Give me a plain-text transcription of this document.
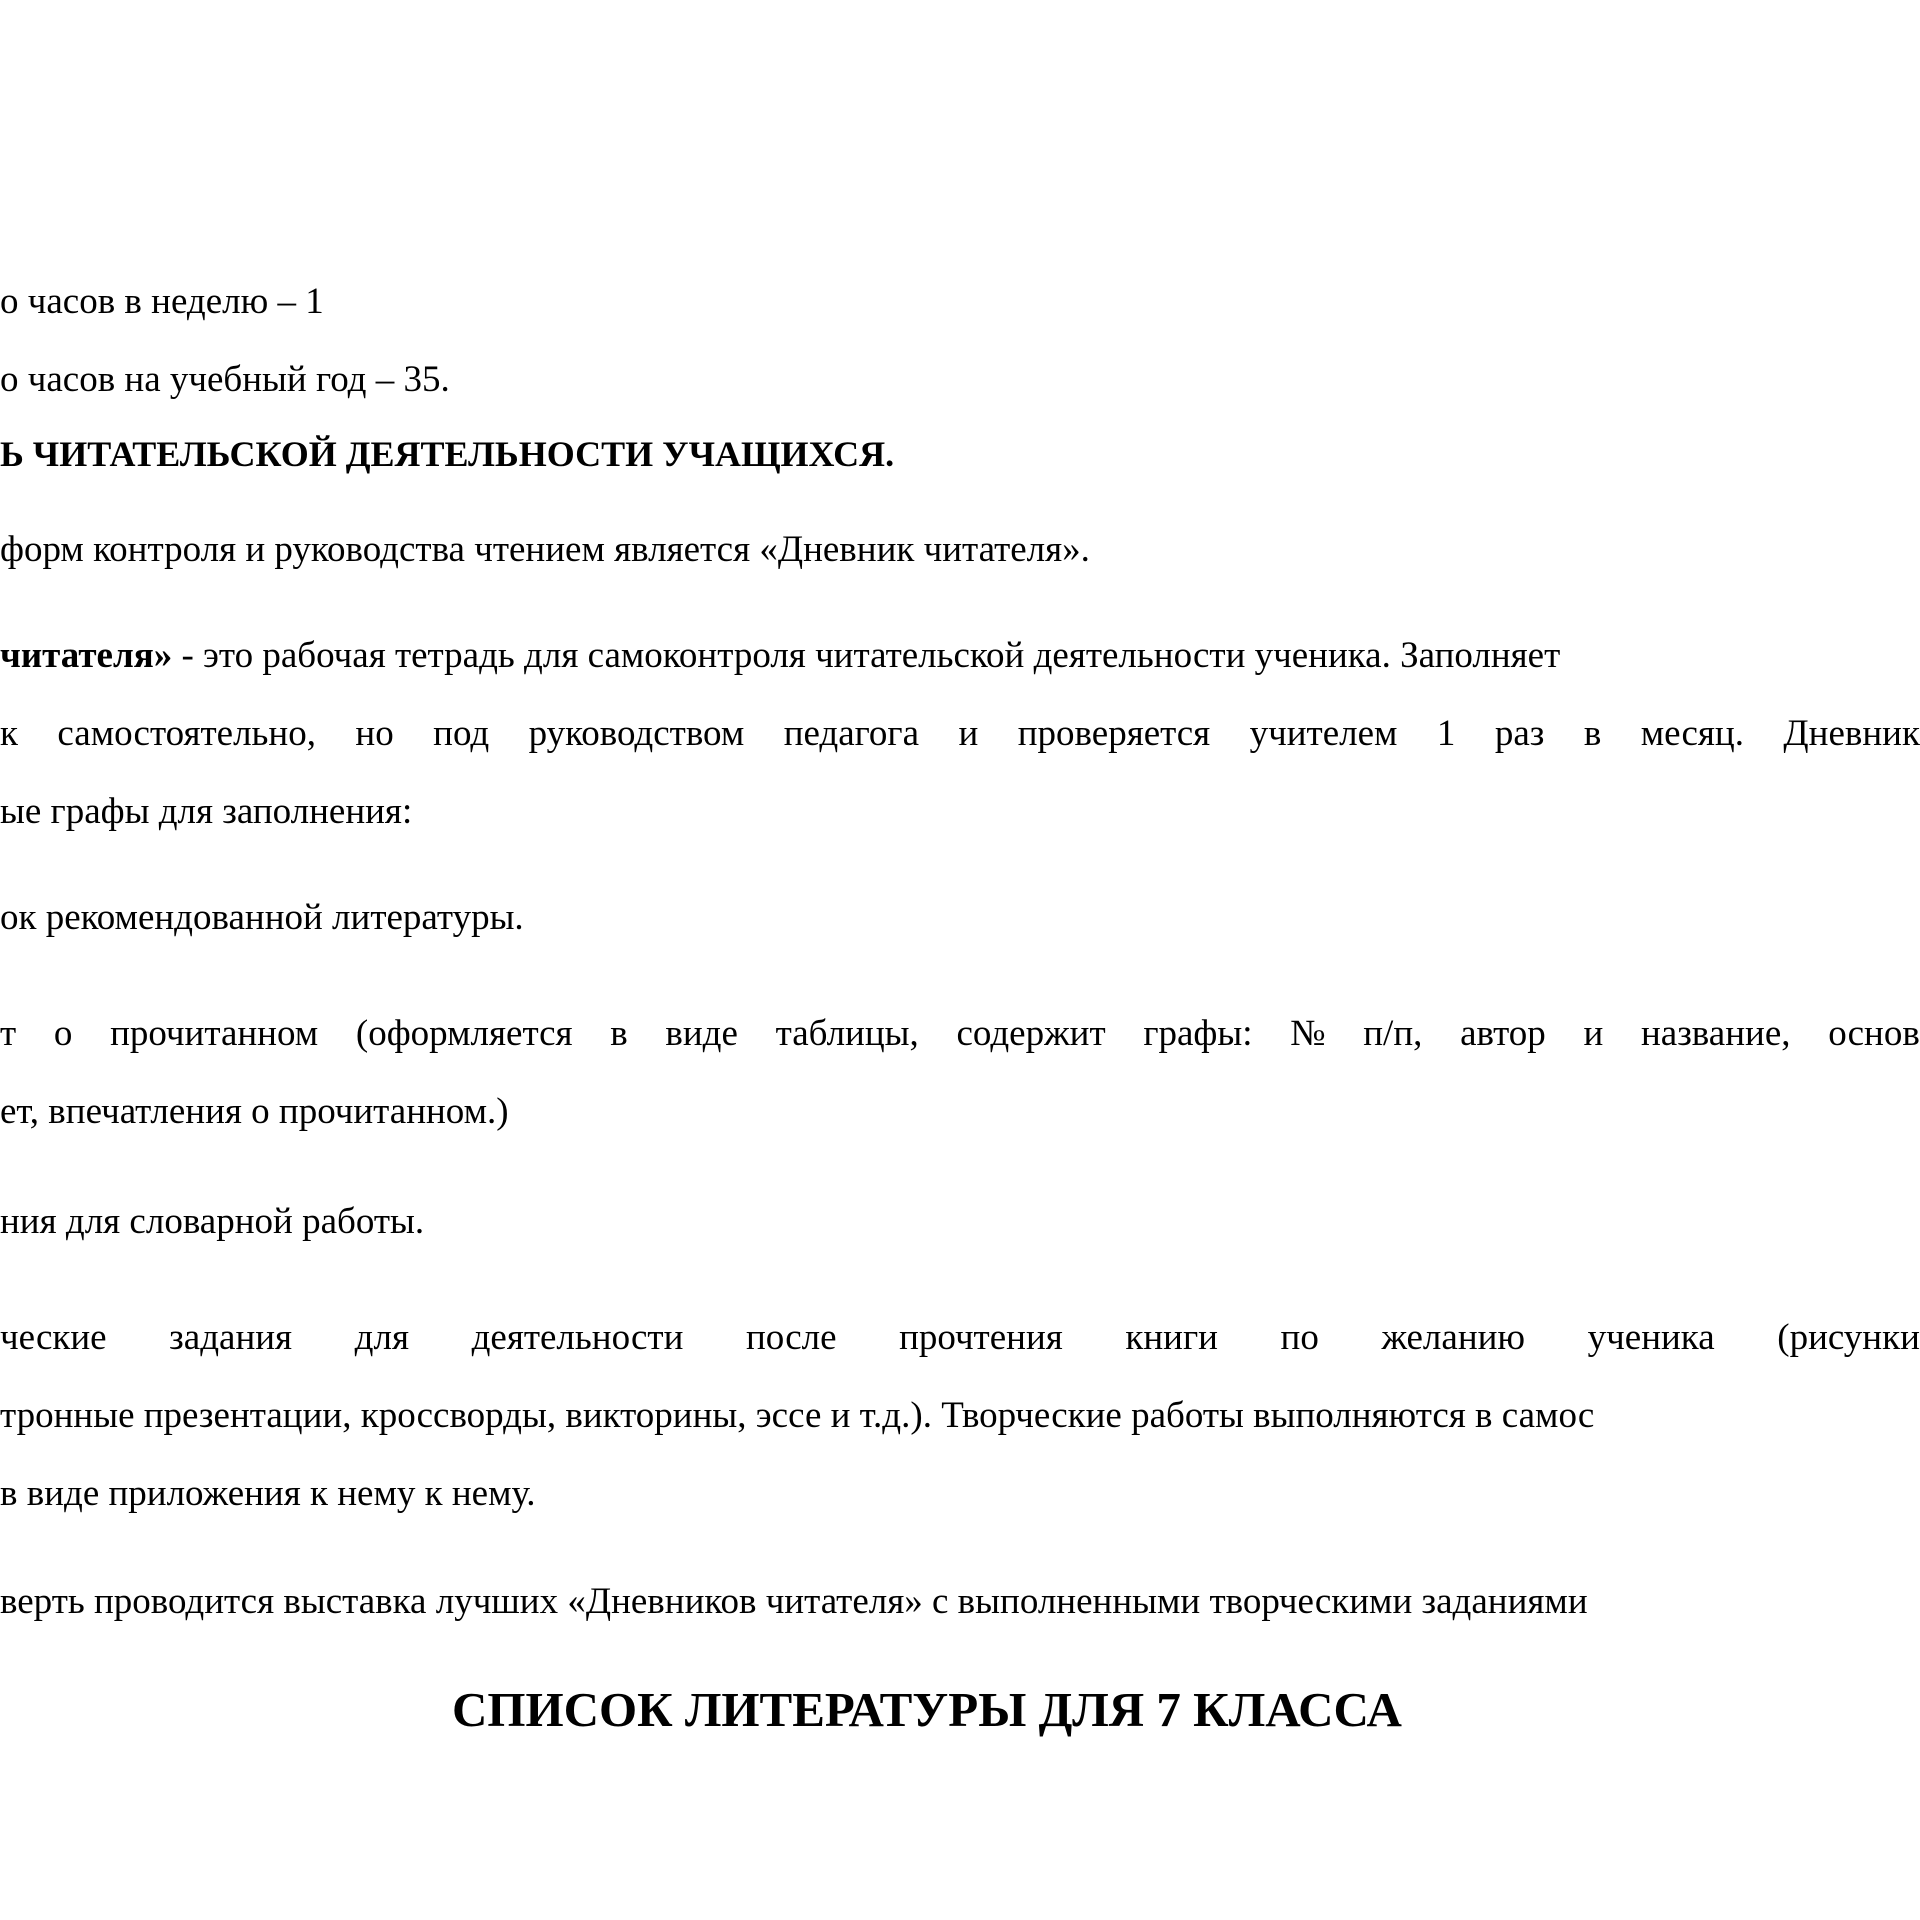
о часов в неделю – 1
о часов на учебный год – 35.
Ь ЧИТАТЕЛЬСКОЙ ДЕЯТЕЛЬНОСТИ УЧАЩИХСЯ.
форм контроля и руководства чтением является «Дневник читателя».
читателя» - это рабочая тетрадь для самоконтроля читательской деятельности ученика. Заполняет
к самостоятельно, но под руководством педагога и проверяется учителем 1 раз в месяц. Дневник
ые графы для заполнения:
ок рекомендованной литературы.
т о прочитанном (оформляется в виде таблицы, содержит графы: № п/п, автор и название, основ
ет, впечатления о прочитанном.)
ния для словарной работы.
ческие задания для деятельности после прочтения книги по желанию ученика (рисунки
тронные презентации, кроссворды, викторины, эссе и т.д.). Творческие работы выполняются в самос
в виде приложения к нему к нему.
верть проводится выставка лучших «Дневников читателя» с выполненными творческими заданиями
СПИСОК ЛИТЕРАТУРЫ ДЛЯ 7 КЛАССА
